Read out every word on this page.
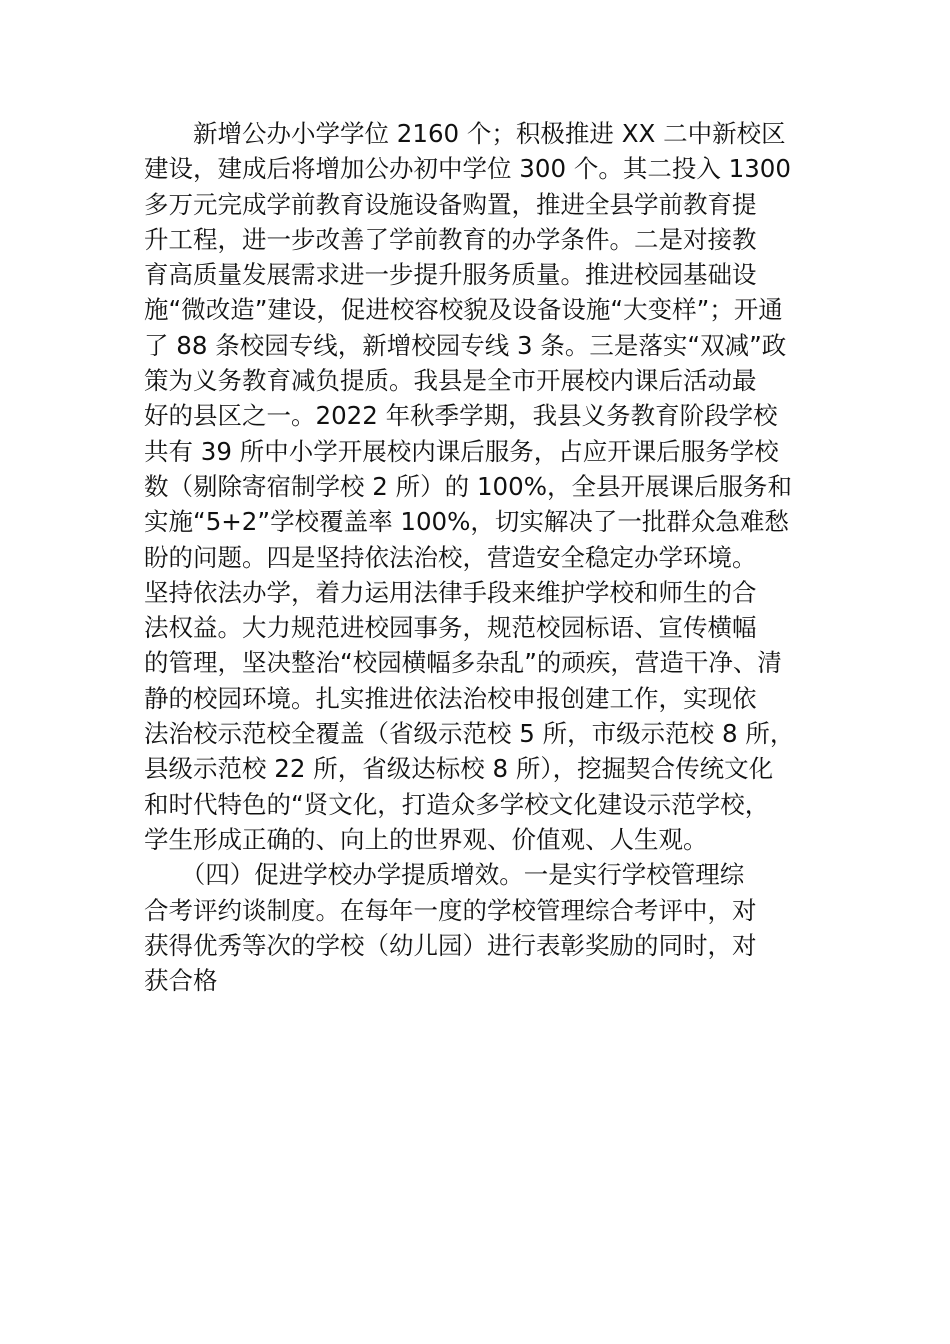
　　新增公办小学学位 2160 个；积极推进 XX 二中新校区
建设，建成后将增加公办初中学位 300 个。其二投入 1300
多万元完成学前教育设施设备购置，推进全县学前教育提
升工程，进一步改善了学前教育的办学条件。二是对接教
育高质量发展需求进一步提升服务质量。推进校园基础设
施“微改造”建设，促进校容校貌及设备设施“大变样”；开通
了 88 条校园专线，新增校园专线 3 条。三是落实“双减”政
策为义务教育减负提质。我县是全市开展校内课后活动最
好的县区之一。2022 年秋季学期，我县义务教育阶段学校
共有 39 所中小学开展校内课后服务，占应开课后服务学校
数（剔除寄宿制学校 2 所）的 100%，全县开展课后服务和
实施“5+2”学校覆盖率 100%，切实解决了一批群众急难愁
盼的问题。四是坚持依法治校，营造安全稳定办学环境。
坚持依法办学，着力运用法律手段来维护学校和师生的合
法权益。大力规范进校园事务，规范校园标语、宣传横幅
的管理，坚决整治“校园横幅多杂乱”的顽疾，营造干净、清
静的校园环境。扎实推进依法治校申报创建工作，实现依
法治校示范校全覆盖（省级示范校 5 所，市级示范校 8 所，
县级示范校 22 所，省级达标校 8 所），挖掘契合传统文化
和时代特色的“贤文化，打造众多学校文化建设示范学校，
学生形成正确的、向上的世界观、价值观、人生观。
　　（四）促进学校办学提质增效。一是实行学校管理综
合考评约谈制度。在每年一度的学校管理综合考评中，对
获得优秀等次的学校（幼儿园）进行表彰奖励的同时，对
获合格
